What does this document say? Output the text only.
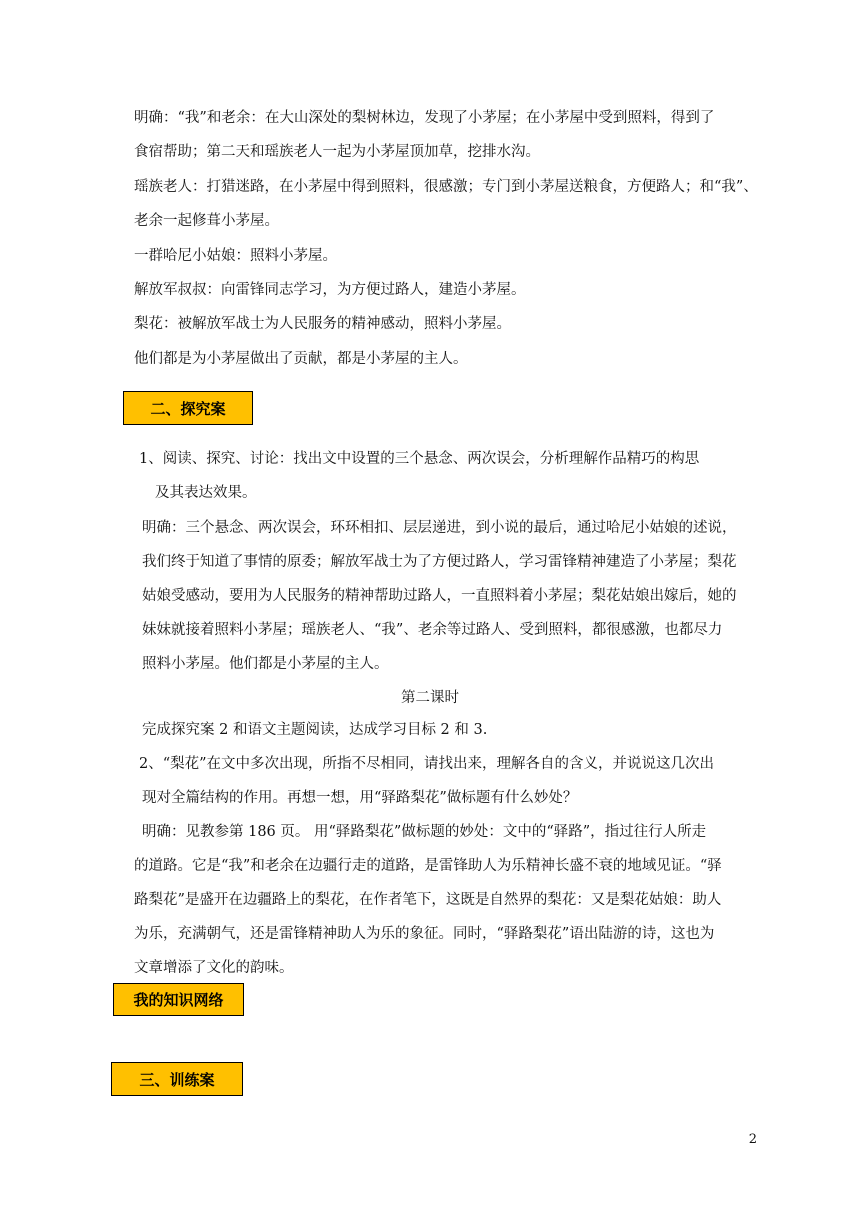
明确：“我”和老余：在大山深处的梨树林边，发现了小茅屋；在小茅屋中受到照料，得到了
食宿帮助；第二天和瑶族老人一起为小茅屋顶加草，挖排水沟。
瑶族老人：打猎迷路，在小茅屋中得到照料，很感激；专门到小茅屋送粮食，方便路人；和“我”、
老余一起修葺小茅屋。
一群哈尼小姑娘：照料小茅屋。
解放军叔叔：向雷锋同志学习，为方便过路人，建造小茅屋。
梨花：被解放军战士为人民服务的精神感动，照料小茅屋。
他们都是为小茅屋做出了贡献，都是小茅屋的主人。
二、探究案
1、阅读、探究、讨论：找出文中设置的三个悬念、两次误会，分析理解作品精巧的构思
及其表达效果。
明确：三个悬念、两次误会，环环相扣、层层递进，到小说的最后，通过哈尼小姑娘的述说，
我们终于知道了事情的原委；解放军战士为了方便过路人，学习雷锋精神建造了小茅屋；梨花
姑娘受感动，要用为人民服务的精神帮助过路人，一直照料着小茅屋；梨花姑娘出嫁后，她的
妹妹就接着照料小茅屋；瑶族老人、“我”、老余等过路人、受到照料，都很感激，也都尽力
照料小茅屋。他们都是小茅屋的主人。
第二课时
完成探究案 2 和语文主题阅读，达成学习目标 2 和 3.
2、“梨花”在文中多次出现，所指不尽相同，请找出来，理解各自的含义，并说说这几次出
现对全篇结构的作用。再想一想，用“驿路梨花”做标题有什么妙处？
明确：见教参第 186 页。 用“驿路梨花”做标题的妙处：文中的“驿路”，指过往行人所走
的道路。它是“我”和老余在边疆行走的道路，是雷锋助人为乐精神长盛不衰的地域见证。“驿
路梨花”是盛开在边疆路上的梨花，在作者笔下，这既是自然界的梨花：又是梨花姑娘：助人
为乐，充满朝气，还是雷锋精神助人为乐的象征。同时，“驿路梨花”语出陆游的诗，这也为
文章增添了文化的韵味。
我的知识网络
三、训练案
2
